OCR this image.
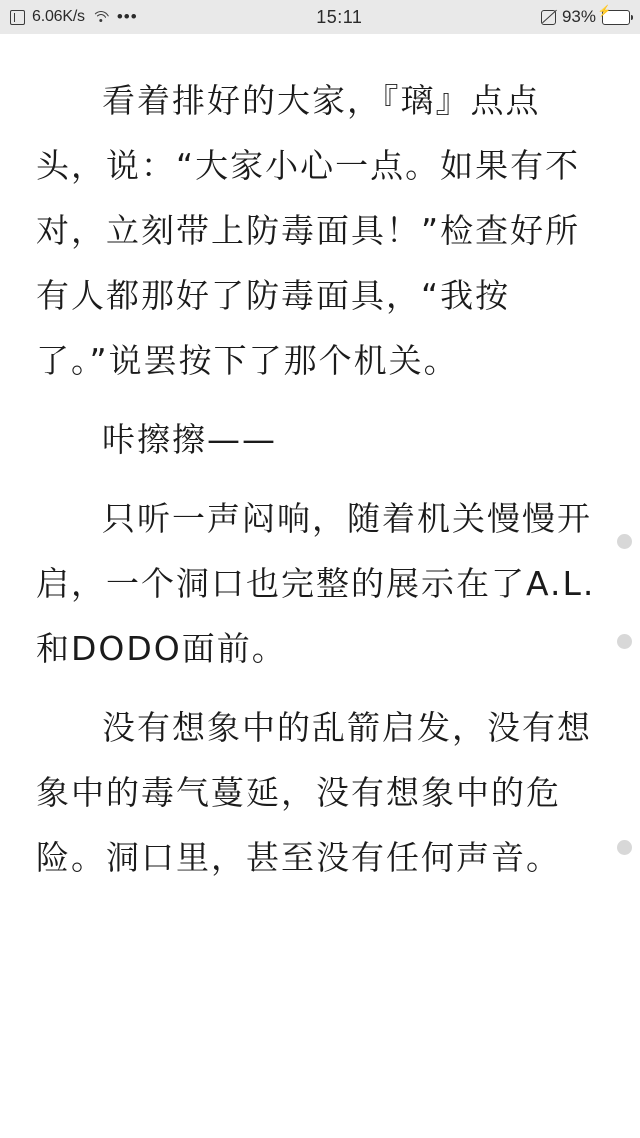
6.06K/s •••	15:11	93% ⚡

看着排好的大家，『璃』点点头，说：“大家小心一点。如果有不对，立刻带上防毒面具！”检查好所有人都那好了防毒面具，“我按了。”说罢按下了那个机关。

咔擦擦——

只听一声闷响，随着机关慢慢开启，一个洞口也完整的展示在了A.L.和DODO面前。

没有想象中的乱箭启发，没有想象中的毒气蔓延，没有想象中的危险。洞口里，甚至没有任何声音。
